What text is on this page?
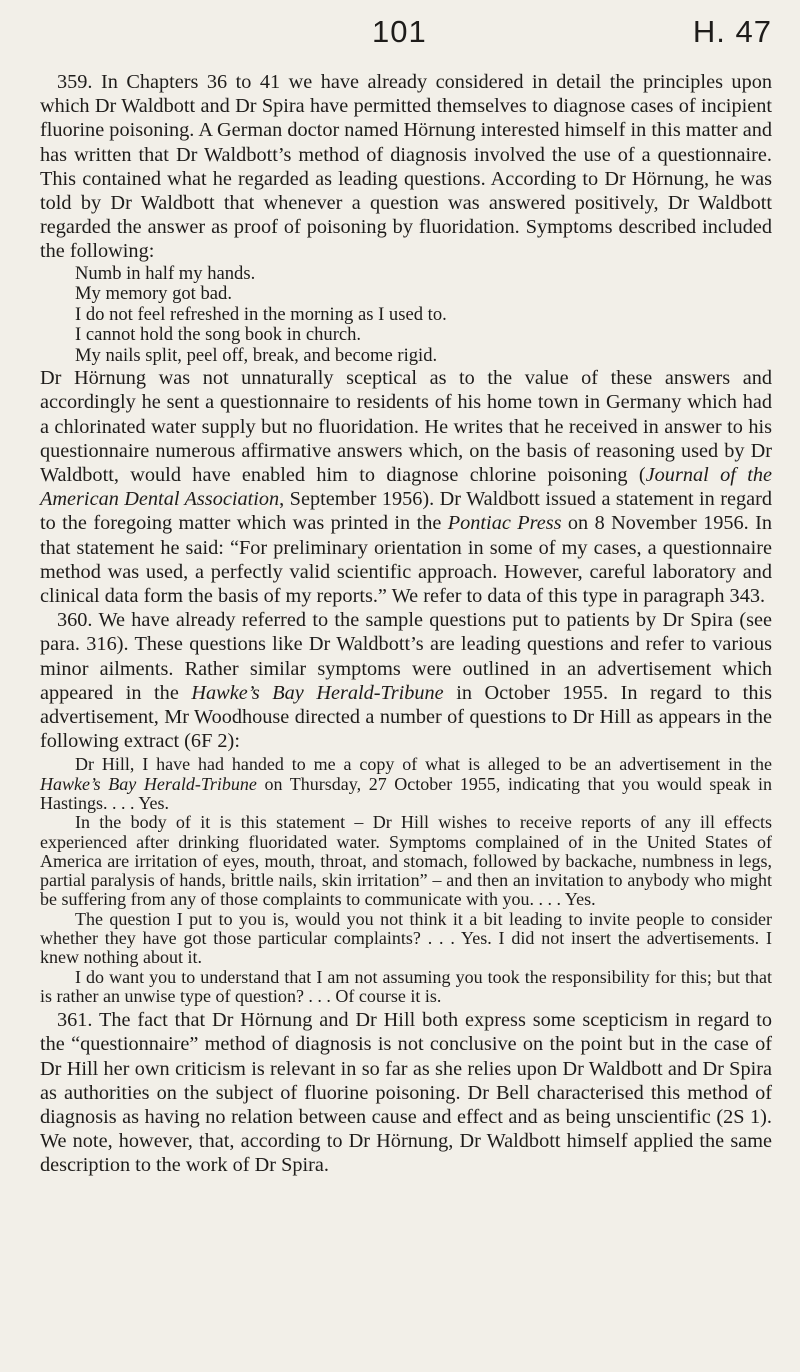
101	H. 47

359. In Chapters 36 to 41 we have already considered in detail the principles upon which Dr Waldbott and Dr Spira have permitted themselves to diagnose cases of incipient fluorine poisoning. A German doctor named Hörnung interested himself in this matter and has written that Dr Waldbott’s method of diagnosis involved the use of a questionnaire. This contained what he regarded as leading questions. According to Dr Hörnung, he was told by Dr Waldbott that whenever a question was answered positively, Dr Waldbott regarded the answer as proof of poisoning by fluoridation. Symptoms described included the following:

Numb in half my hands.
My memory got bad.
I do not feel refreshed in the morning as I used to.
I cannot hold the song book in church.
My nails split, peel off, break, and become rigid.

Dr Hörnung was not unnaturally sceptical as to the value of these answers and accordingly he sent a questionnaire to residents of his home town in Germany which had a chlorinated water supply but no fluoridation. He writes that he received in answer to his questionnaire numerous affirmative answers which, on the basis of reasoning used by Dr Waldbott, would have enabled him to diagnose chlorine poisoning (Journal of the American Dental Association, September 1956). Dr Waldbott issued a statement in regard to the foregoing matter which was printed in the Pontiac Press on 8 November 1956. In that statement he said: “For preliminary orientation in some of my cases, a questionnaire method was used, a perfectly valid scientific approach. However, careful laboratory and clinical data form the basis of my reports.” We refer to data of this type in paragraph 343.

360. We have already referred to the sample questions put to patients by Dr Spira (see para. 316). These questions like Dr Waldbott’s are leading questions and refer to various minor ailments. Rather similar symptoms were outlined in an advertisement which appeared in the Hawke’s Bay Herald-Tribune in October 1955. In regard to this advertisement, Mr Woodhouse directed a number of questions to Dr Hill as appears in the following extract (6F 2):

Dr Hill, I have had handed to me a copy of what is alleged to be an advertisement in the Hawke’s Bay Herald-Tribune on Thursday, 27 October 1955, indicating that you would speak in Hastings. . . . Yes.

In the body of it is this statement – Dr Hill wishes to receive reports of any ill effects experienced after drinking fluoridated water. Symptoms complained of in the United States of America are irritation of eyes, mouth, throat, and stomach, followed by backache, numbness in legs, partial paralysis of hands, brittle nails, skin irritation” – and then an invitation to anybody who might be suffering from any of those complaints to communicate with you. . . . Yes.

The question I put to you is, would you not think it a bit leading to invite people to consider whether they have got those particular complaints? . . . Yes. I did not insert the advertisements. I knew nothing about it.

I do want you to understand that I am not assuming you took the responsibility for this; but that is rather an unwise type of question? . . . Of course it is.

361. The fact that Dr Hörnung and Dr Hill both express some scepticism in regard to the “questionnaire” method of diagnosis is not conclusive on the point but in the case of Dr Hill her own criticism is relevant in so far as she relies upon Dr Waldbott and Dr Spira as authorities on the subject of fluorine poisoning. Dr Bell characterised this method of diagnosis as having no relation between cause and effect and as being unscientific (2S 1). We note, however, that, according to Dr Hörnung, Dr Waldbott himself applied the same description to the work of Dr Spira.
